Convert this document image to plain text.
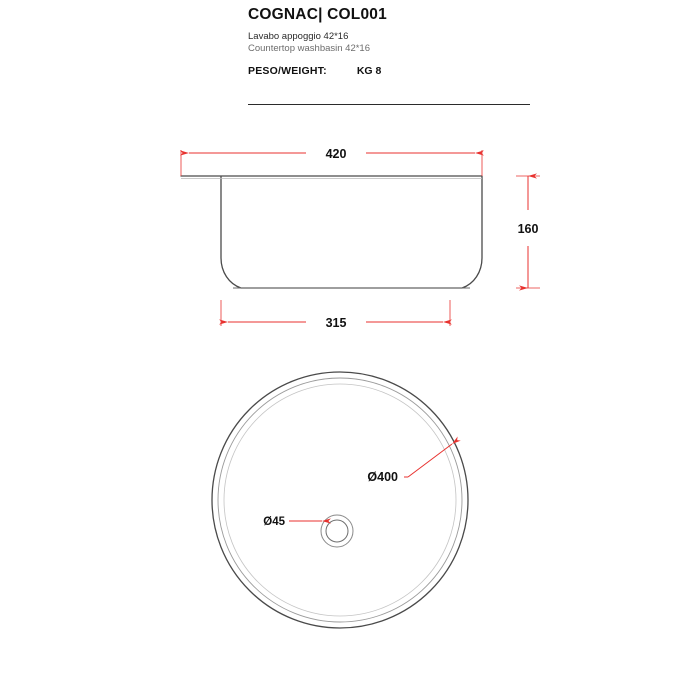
COGNAC| COL001
Lavabo appoggio 42*16
Countertop washbasin 42*16
PESO/WEIGHT:	KG 8
420
160
315
Ø400
Ø45
